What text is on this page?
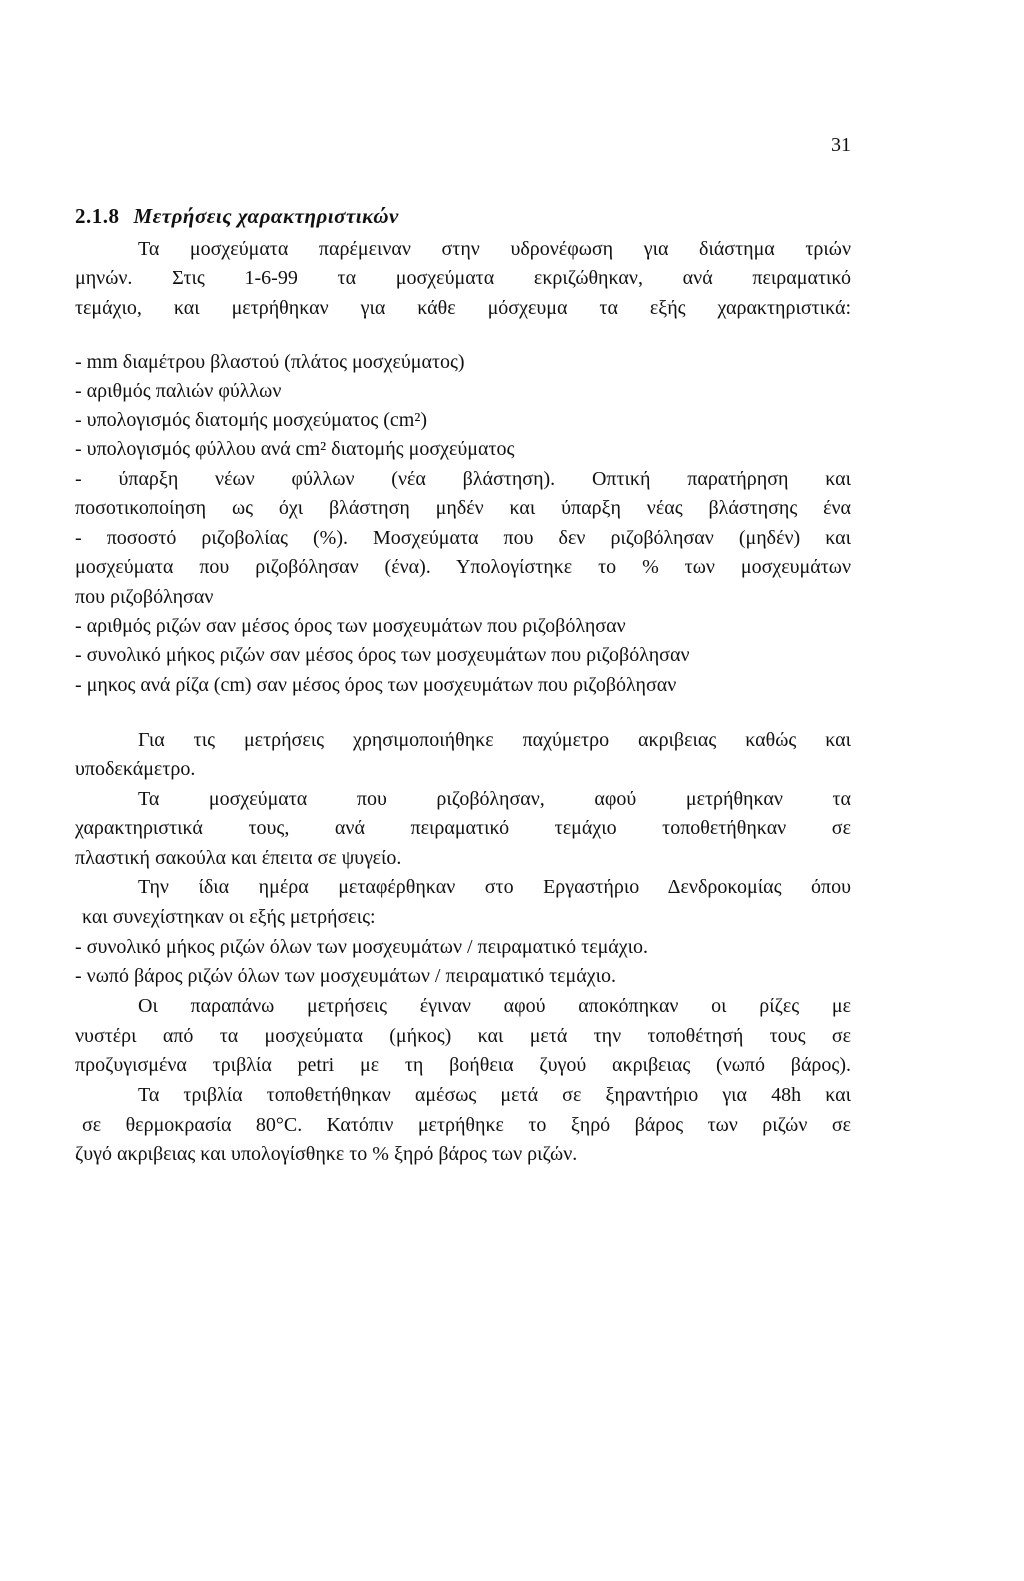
31
2.1.8 Μετρήσεις χαρακτηριστικών
Τα μοσχεύματα παρέμειναν στην υδρονέφωση για διάστημα τριών
μηνών. Στις 1-6-99 τα μοσχεύματα εκριζώθηκαν, ανά πειραματικό
τεμάχιο, και μετρήθηκαν για κάθε μόσχευμα τα εξής χαρακτηριστικά:
- mm διαμέτρου βλαστού (πλάτος μοσχεύματος)
- αριθμός παλιών φύλλων
- υπολογισμός διατομής μοσχεύματος (cm²)
- υπολογισμός φύλλου ανά cm² διατομής μοσχεύματος
- ύπαρξη νέων φύλλων (νέα βλάστηση). Οπτική παρατήρηση και
ποσοτικοποίηση ως όχι βλάστηση μηδέν και ύπαρξη νέας βλάστησης ένα
- ποσοστό ριζοβολίας (%). Μοσχεύματα που δεν ριζοβόλησαν (μηδέν) και
μοσχεύματα που ριζοβόλησαν (ένα). Υπολογίστηκε το % των μοσχευμάτων
που ριζοβόλησαν
- αριθμός ριζών σαν μέσος όρος των μοσχευμάτων που ριζοβόλησαν
- συνολικό μήκος ριζών σαν μέσος όρος των μοσχευμάτων που ριζοβόλησαν
- μηκος ανά ρίζα (cm) σαν μέσος όρος των μοσχευμάτων που ριζοβόλησαν
Για τις μετρήσεις χρησιμοποιήθηκε παχύμετρο ακριβειας καθώς και
υποδεκάμετρο.
Τα μοσχεύματα που ριζοβόλησαν, αφού μετρήθηκαν τα
χαρακτηριστικά τους, ανά πειραματικό τεμάχιο τοποθετήθηκαν σε
πλαστική σακούλα και έπειτα σε ψυγείο.
Την ίδια ημέρα μεταφέρθηκαν στο Εργαστήριο Δενδροκομίας όπου
και συνεχίστηκαν οι εξής μετρήσεις:
- συνολικό μήκος ριζών όλων των μοσχευμάτων / πειραματικό τεμάχιο.
- νωπό βάρος ριζών όλων των μοσχευμάτων / πειραματικό τεμάχιο.
Οι παραπάνω μετρήσεις έγιναν αφού αποκόπηκαν οι ρίζες με
νυστέρι από τα μοσχεύματα (μήκος) και μετά την τοποθέτησή τους σε
προζυγισμένα τριβλία petri με τη βοήθεια ζυγού ακριβειας (νωπό βάρος).
Τα τριβλία τοποθετήθηκαν αμέσως μετά σε ξηραντήριο για 48h και
σε θερμοκρασία 80°C. Κατόπιν μετρήθηκε το ξηρό βάρος των ριζών σε
ζυγό ακριβειας και υπολογίσθηκε το % ξηρό βάρος των ριζών.
